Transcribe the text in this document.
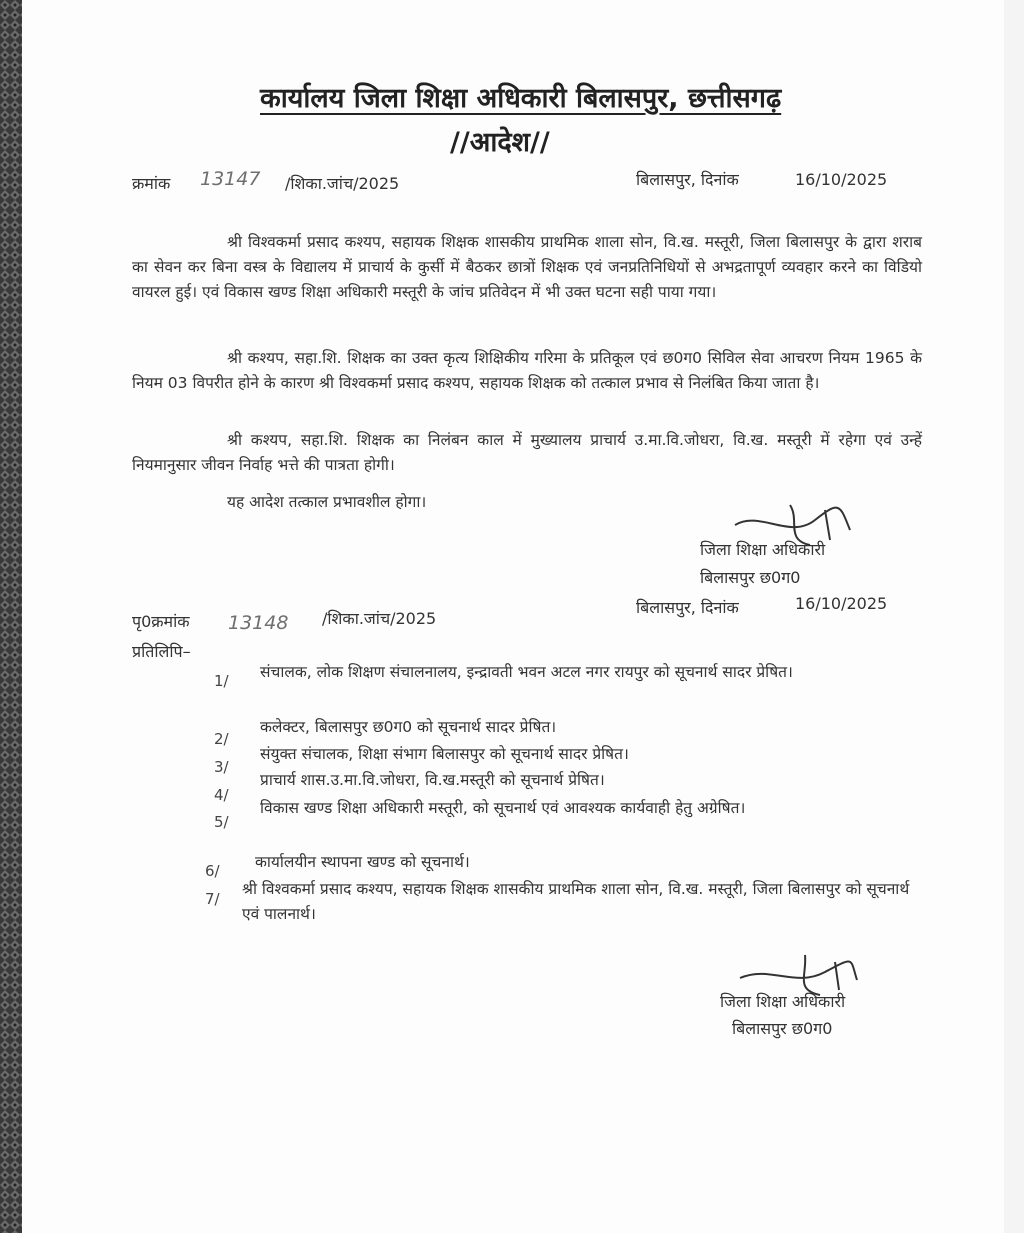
कार्यालय जिला शिक्षा अधिकारी बिलासपुर, छत्तीसगढ़
//आदेश//
क्रमांक 13147 /शिका.जांच/2025	बिलासपुर, दिनांक	16/10/2025
श्री विश्वकर्मा प्रसाद कश्यप, सहायक शिक्षक शासकीय प्राथमिक शाला सोन, वि.ख. मस्तूरी, जिला बिलासपुर के द्वारा शराब का सेवन कर बिना वस्त्र के विद्यालय में प्राचार्य के कुर्सी में बैठकर छात्रों शिक्षक एवं जनप्रतिनिधियों से अभद्रतापूर्ण व्यवहार करने का विडियो वायरल हुई। एवं विकास खण्ड शिक्षा अधिकारी मस्तूरी के जांच प्रतिवेदन में भी उक्त घटना सही पाया गया।
श्री कश्यप, सहा.शि. शिक्षक का उक्त कृत्य शिक्षिकीय गरिमा के प्रतिकूल एवं छ0ग0 सिविल सेवा आचरण नियम 1965 के नियम 03 विपरीत होने के कारण श्री विश्वकर्मा प्रसाद कश्यप, सहायक शिक्षक को तत्काल प्रभाव से निलंबित किया जाता है।
श्री कश्यप, सहा.शि. शिक्षक का निलंबन काल में मुख्यालय प्राचार्य उ.मा.वि.जोधरा, वि.ख. मस्तूरी में रहेगा एवं उन्हें नियमानुसार जीवन निर्वाह भत्ते की पात्रता होगी।
यह आदेश तत्काल प्रभावशील होगा।
जिला शिक्षा अधिकारी
बिलासपुर छ0ग0
पृ0क्रमांक 13148 /शिका.जांच/2025
बिलासपुर, दिनांक	16/10/2025
प्रतिलिपि–
1/ संचालक, लोक शिक्षण संचालनालय, इन्द्रावती भवन अटल नगर रायपुर को सूचनार्थ सादर प्रेषित।
2/
कलेक्टर, बिलासपुर छ0ग0 को सूचनार्थ सादर प्रेषित।
3/
संयुक्त संचालक, शिक्षा संभाग बिलासपुर को सूचनार्थ सादर प्रेषित।
4/
प्राचार्य शास.उ.मा.वि.जोधरा, वि.ख.मस्तूरी को सूचनार्थ प्रेषित।
5/
विकास खण्ड शिक्षा अधिकारी मस्तूरी, को सूचनार्थ एवं आवश्यक कार्यवाही हेतु अग्रेषित।
6/ कार्यालयीन स्थापना खण्ड को सूचनार्थ।
7/
श्री विश्वकर्मा प्रसाद कश्यप, सहायक शिक्षक शासकीय प्राथमिक शाला सोन, वि.ख. मस्तूरी, जिला बिलासपुर को सूचनार्थ एवं पालनार्थ।
जिला शिक्षा अधिकारी
बिलासपुर छ0ग0
